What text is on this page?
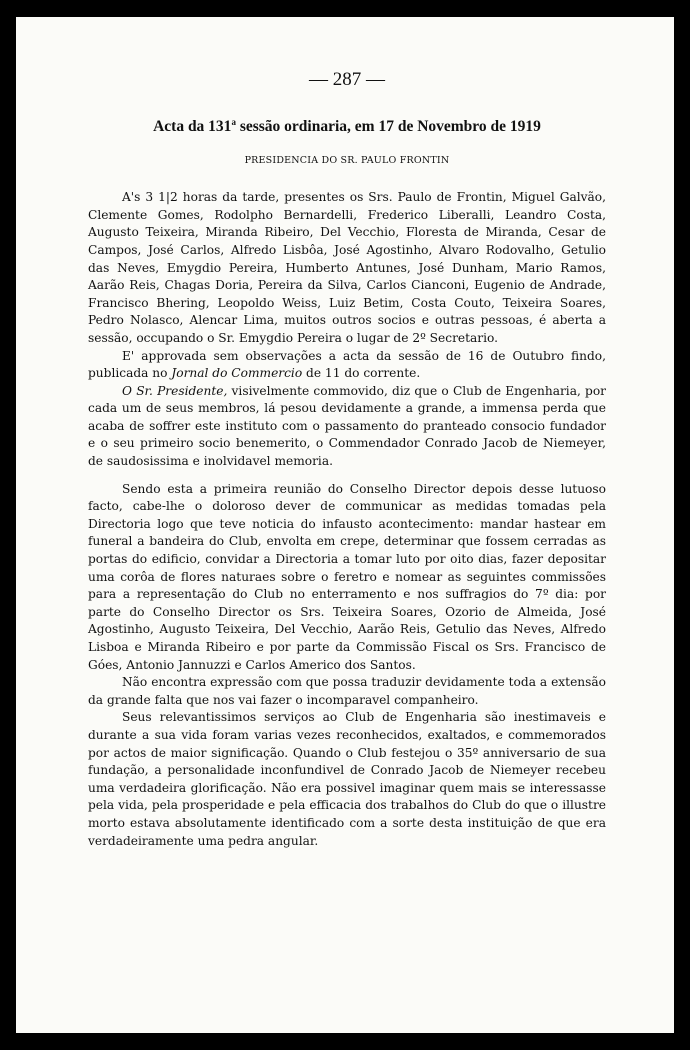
— 287 —
Acta da 131$^a$ sessão ordinaria, em 17 de Novembro de 1919
PRESIDENCIA DO SR. PAULO FRONTIN

A's 3 1|2 horas da tarde, presentes os Srs. Paulo de Frontin, Miguel Galvão, Clemente Gomes, Rodolpho Bernardelli, Frederico Liberalli, Leandro Costa, Augusto Teixeira, Miranda Ribeiro, Del Vecchio, Floresta de Miranda, Cesar de Campos, José Carlos, Alfredo Lisbôa, José Agostinho, Alvaro Rodovalho, Getulio das Neves, Emygdio Pereira, Humberto Antunes, José Dunham, Mario Ramos, Aarão Reis, Chagas Doria, Pereira da Silva, Carlos Cianconi, Eugenio de Andrade, Francisco Bhering, Leopoldo Weiss, Luiz Betim, Costa Couto, Teixeira Soares, Pedro Nolasco, Alencar Lima, muitos outros socios e outras pessoas, é aberta a sessão, occupando o Sr. Emygdio Pereira o lugar de 2º Secretario.

E' approvada sem observações a acta da sessão de 16 de Outubro findo, publicada no Jornal do Commercio de 11 do corrente.

O Sr. Presidente, visivelmente commovido, diz que o Club de Engenharia, por cada um de seus membros, lá pesou devidamente a grande, a immensa perda que acaba de soffrer este instituto com o passamento do pranteado consocio fundador e o seu primeiro socio benemerito, o Commendador Conrado Jacob de Niemeyer, de saudosissima e inolvidavel memoria.

Sendo esta a primeira reunião do Conselho Director depois desse lutuoso facto, cabe-lhe o doloroso dever de communicar as medidas tomadas pela Directoria logo que teve noticia do infausto acontecimento: mandar hastear em funeral a bandeira do Club, envolta em crepe, determinar que fossem cerradas as portas do edificio, convidar a Directoria a tomar luto por oito dias, fazer depositar uma corôa de flores naturaes sobre o feretro e nomear as seguintes commissões para a representação do Club no enterramento e nos suffragios do 7º dia: por parte do Conselho Director os Srs. Teixeira Soares, Ozorio de Almeida, José Agostinho, Augusto Teixeira, Del Vecchio, Aarão Reis, Getulio das Neves, Alfredo Lisboa e Miranda Ribeiro e por parte da Commissão Fiscal os Srs. Francisco de Góes, Antonio Jannuzzi e Carlos Americo dos Santos.

Não encontra expressão com que possa traduzir devidamente toda a extensão da grande falta que nos vai fazer o incomparavel companheiro.

Seus relevantissimos serviços ao Club de Engenharia são inestimaveis e durante a sua vida foram varias vezes reconhecidos, exaltados, e commemorados por actos de maior significação. Quando o Club festejou o 35º anniversario de sua fundação, a personalidade inconfundivel de Conrado Jacob de Niemeyer recebeu uma verdadeira glorificação. Não era possivel imaginar quem mais se interessasse pela vida, pela prosperidade e pela efficacia dos trabalhos do Club do que o illustre morto estava absolutamente identificado com a sorte desta instituição de que era verdadeiramente uma pedra angular.
